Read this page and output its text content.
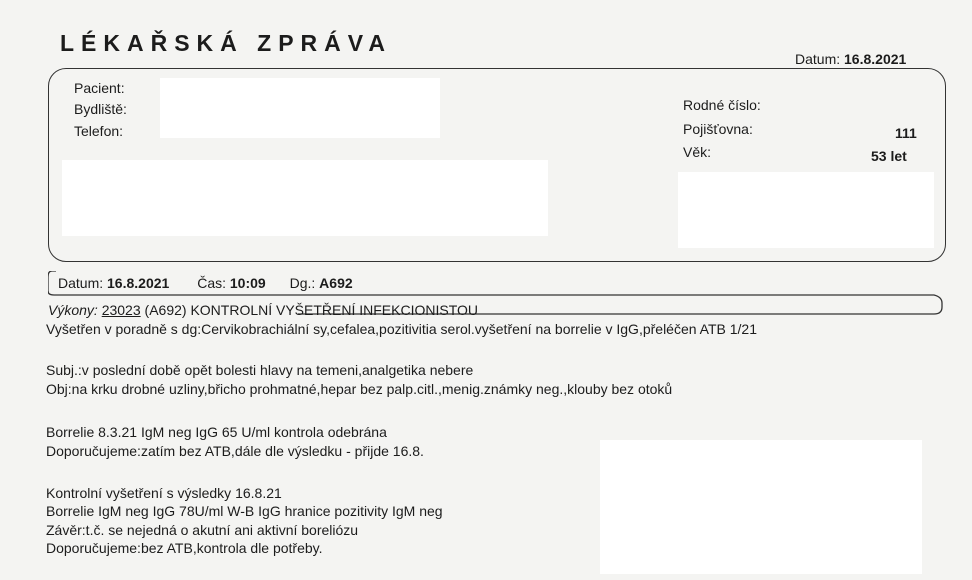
LÉKAŘSKÁ ZPRÁVA
Datum: 16.8.2021
Pacient:
Bydliště:
Telefon:
Rodné číslo:
Pojišťovna:
Věk:
111
53 let
Datum: 16.8.2021 Čas: 10:09 Dg.: A692
Výkony: 23023 (A692) KONTROLNÍ VYŠETŘENÍ INFEKCIONISTOU
Vyšetřen v poradně s dg:Cervikobrachiální sy,cefalea,pozitivitia serol.vyšetření na borrelie v IgG,přeléčen ATB 1/21
Subj.:v poslední době opět bolesti hlavy na temeni,analgetika nebere
Obj:na krku drobné uzliny,břicho prohmatné,hepar bez palp.citl.,menig.známky neg.,klouby bez otoků
Borrelie 8.3.21 IgM neg IgG 65 U/ml kontrola odebrána
Doporučujeme:zatím bez ATB,dále dle výsledku - přijde 16.8.
Kontrolní vyšetření s výsledky 16.8.21
Borrelie IgM neg IgG 78U/ml W-B IgG hranice pozitivity IgM neg
Závěr:t.č. se nejedná o akutní ani aktivní boreliózu
Doporučujeme:bez ATB,kontrola dle potřeby.
